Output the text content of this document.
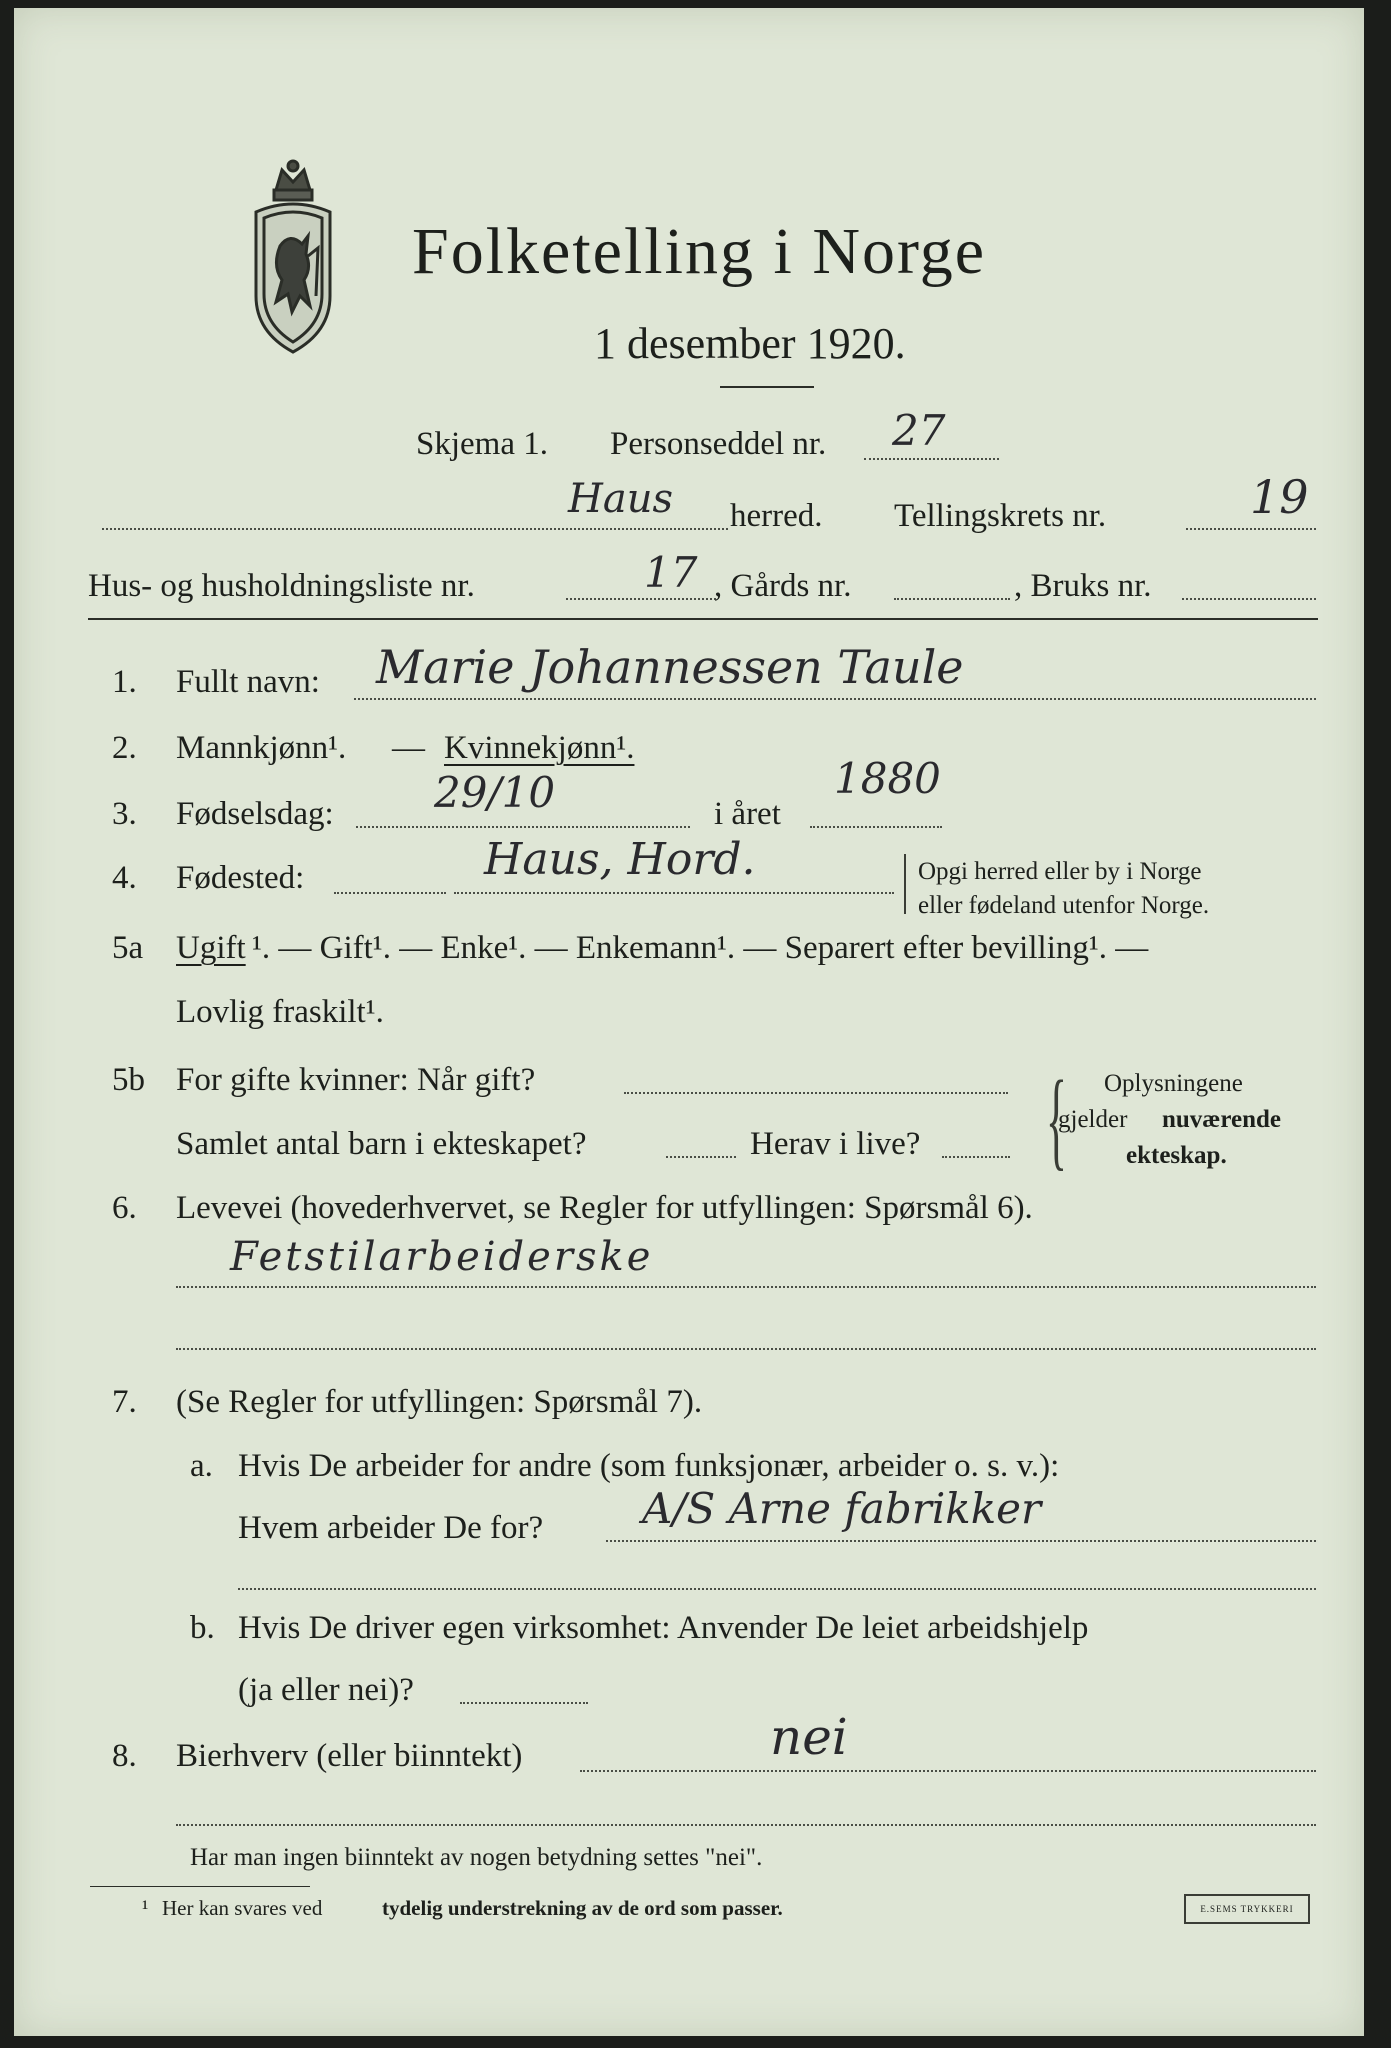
Folketelling i Norge
1 desember 1920.
Skjema 1. Personseddel nr. 27
Haus herred. Tellingskrets nr.	19
Hus- og husholdningsliste nr.	17 , Gårds nr.	, Bruks nr.
1. Fullt navn: Marie Johannessen Taule
2. Mannkjønn¹. — Kvinnekjønn¹.
3. Fødselsdag: 29/10	i året
1880
4. Fødested:	Haus, Hord.	Opgi herred eller by i Norge
eller fødeland utenfor Norge.
5a Ugift ¹. — Gift¹. — Enke¹. — Enkemann¹. — Separert efter bevilling¹. —
Lovlig fraskilt¹.
5b For gifte kvinner: Når gift?
Samlet antal barn i ekteskapet?	Herav i live? { Oplysningene
gjelder nuværende
ekteskap.
6. Levevei (hovederhvervet, se Regler for utfyllingen: Spørsmål 6).
Fetstilarbeiderske
7. (Se Regler for utfyllingen: Spørsmål 7).
a. Hvis De arbeider for andre (som funksjonær, arbeider o. s. v.):
Hvem arbeider De for? A/S Arne fabrikker
b. Hvis De driver egen virksomhet: Anvender De leiet arbeidshjelp
(ja eller nei)?
8. Bierhverv (eller biinntekt)	nei
Har man ingen biinntekt av nogen betydning settes "nei".
¹ Her kan svares ved	tydelig understrekning av de ord som passer.	E.SEMS TRYKKERI
